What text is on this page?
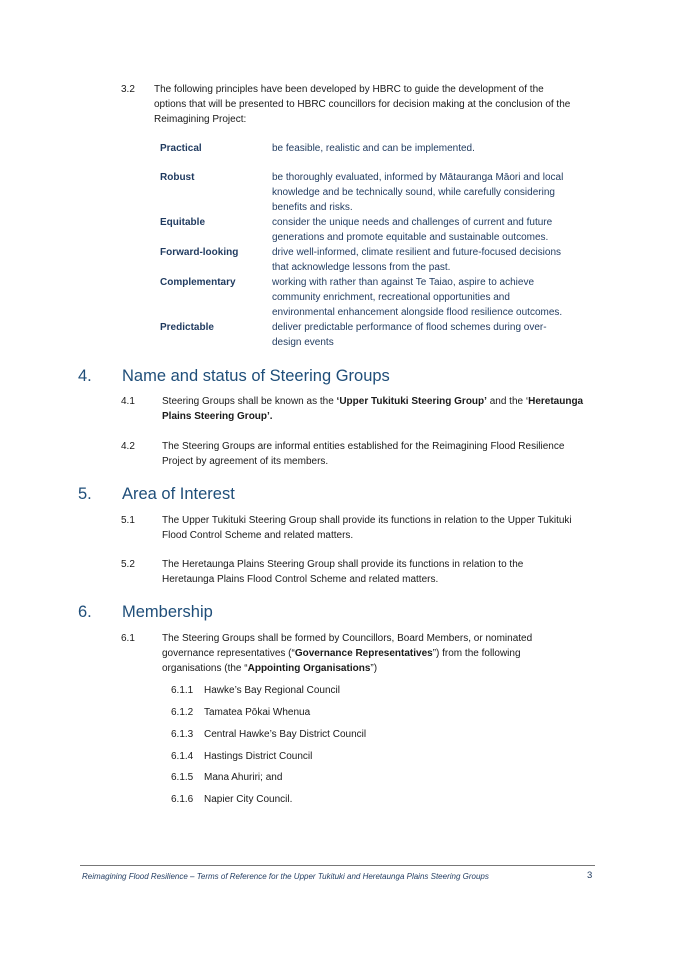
3.2 The following principles have been developed by HBRC to guide the development of the
options that will be presented to HBRC councillors for decision making at the conclusion of the
Reimagining Project:
Practical	be feasible, realistic and can be implemented.
Robust	be thoroughly evaluated, informed by Mātauranga Māori and local
knowledge and be technically sound, while carefully considering
benefits and risks.
Equitable	consider the unique needs and challenges of current and future
generations and promote equitable and sustainable outcomes.
Forward-looking	drive well-informed, climate resilient and future-focused decisions
that acknowledge lessons from the past.
Complementary	working with rather than against Te Taiao, aspire to achieve
community enrichment, recreational opportunities and
environmental enhancement alongside flood resilience outcomes.
Predictable	deliver predictable performance of flood schemes during over-
design events
4. Name and status of Steering Groups
4.1	Steering Groups shall be known as the ‘Upper Tukituki Steering Group’ and the ‘Heretaunga
Plains Steering Group’.
4.2	The Steering Groups are informal entities established for the Reimagining Flood Resilience
Project by agreement of its members.
5. Area of Interest
5.1	The Upper Tukituki Steering Group shall provide its functions in relation to the Upper Tukituki
Flood Control Scheme and related matters.
5.2	The Heretaunga Plains Steering Group shall provide its functions in relation to the
Heretaunga Plains Flood Control Scheme and related matters.
6. Membership
6.1	The Steering Groups shall be formed by Councillors, Board Members, or nominated
governance representatives (“Governance Representatives”) from the following
organisations (the “Appointing Organisations”)
6.1.1 Hawke’s Bay Regional Council
6.1.2 Tamatea Pōkai Whenua
6.1.3 Central Hawke’s Bay District Council
6.1.4 Hastings District Council
6.1.5 Mana Ahuriri; and
6.1.6 Napier City Council.
Reimagining Flood Resilience – Terms of Reference for the Upper Tukituki and Heretaunga Plains Steering Groups	3
